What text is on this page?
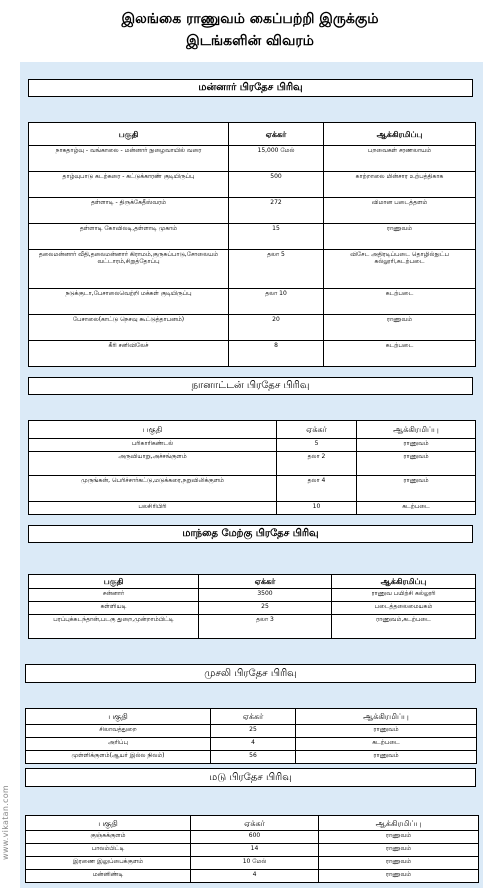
இலங்கை ராணுவம் கைப்பற்றி இருக்கும்
இடங்களின் விவரம்
மன்னார் பிரதேச பிரிவு
பகுதி	ஏக்கர்	ஆக்கிரமிப்பு
நாகதாழ்வு - வங்காலை - மன்னார் நுழைவாயில் வரை	15,000 மேல்	பறவைகள் சரணலாயம்
தாழ்வுபாடு கடற்கரை - கட்டுக்காரண் குடியிருப்பு	500	காற்றாலை மின்சார உற்பத்திகாக
தள்ளாடி - திருக்கேதீஸ்வரம்	272	விமான படைத்தளம்
தள்ளாடி கோவிலடி,தள்ளாடி முகாம்	15	ராணுவம்
தலைமன்னார் வீதி,தலைமன்னார் கிராமம்,குருசுப்பாடு,சோலையம் வட்டாரம்,சிறுத்தோப்பு	தலா 5	விசேட அதிரடிப்படை தொழில்நுட்ப கல்லூரி,கடற்படை
நடுக்குடா,பேசாலைவெற்றி மக்கள் குடியிருப்பு	தலா 10	கடற்படை
பேசாலை(காட்டு நெசவு கூட்டுத்தாபனம்)	20	ராணுவம்
கீரி சனிவிலேச்	8	கடற்படை
நானாட்டன் பிரதேச பிரிவு
பகுதி	ஏக்கர்	ஆக்கிரமிப்பு
பரிகாரிகண்டல்	5	ராணுவம்
அருவியாறு,அச்சங்குளம்	தலா 2	ராணுவம்
முருங்கன், பெரிச்சார்கட்டு,மடுக்கரை,நறுவிலிக்குளம்	தலா 4	ராணுவம்
பலசிரிபிரி	10	கடற்படை
மாந்தை மேற்கு பிரதேச பிரிவு
பகுதி	ஏக்கர்	ஆக்கிரமிப்பு
சன்னார்	3500	ராணுவ பயிற்சி கல்லூரி
கள்ளியடி	25	படைத்தலைமையகம்
பரப்புக்கடந்தான்,படகு துறை,முன்றாம்பிட்டி	தலா 3	ராணுவம்,கடற்படை
முசலி பிரதேச பிரிவு
பகுதி	ஏக்கர்	ஆக்கிரமிப்பு
சிலாவத்துறை	25	ராணுவம்
அரிப்பு	4	கடற்படை
முள்ளிக்குளம்(ஆயர் இல்ல நிலம்)	56	ராணுவம்
மடு பிரதேச பிரிவு
பகுதி	ஏக்கர்	ஆக்கிரமிப்பு
குஞ்சுக்குளம்	600	ராணுவம்
பாலம்பிட்டி	14	ராணுவம்
இரணை இலுப்பைக்குளம்	10 மேல்	ராணுவம்
மன்னிண்டி	4	ராணுவம்
www.vikatan.com
